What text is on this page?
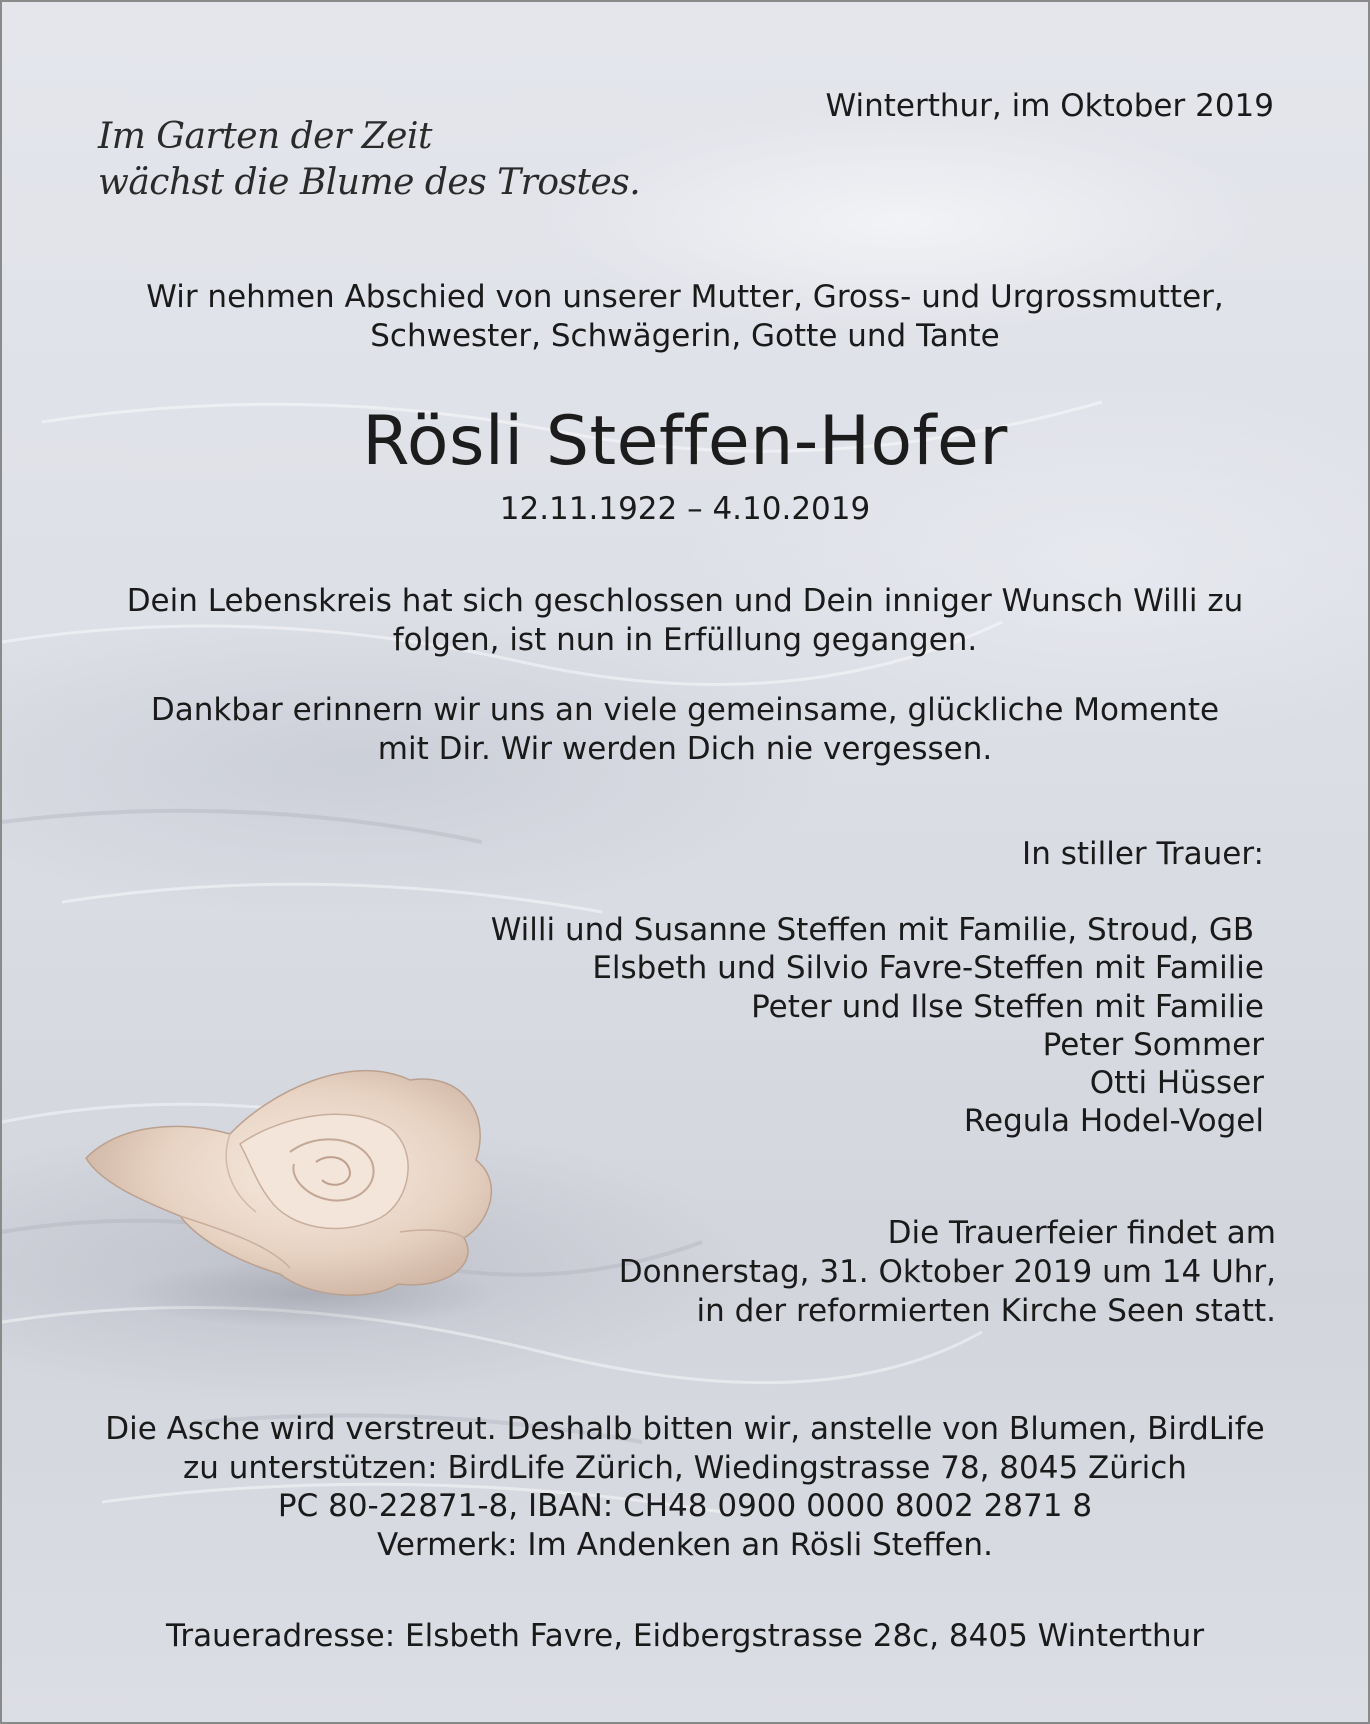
Winterthur, im Oktober 2019

Im Garten der Zeit
wächst die Blume des Trostes.
Wir nehmen Abschied von unserer Mutter, Gross- und Urgrossmutter,
Schwester, Schwägerin, Gotte und Tante
Rösli Steffen-Hofer

12.11.1922 – 4.10.2019

Dein Lebenskreis hat sich geschlossen und Dein inniger Wunsch Willi zu
folgen, ist nun in Erfüllung gegangen.
Dankbar erinnern wir uns an viele gemeinsame, glückliche Momente
mit Dir. Wir werden Dich nie vergessen.

In stiller Trauer:

Willi und Susanne Steffen mit Familie, Stroud, GB
Elsbeth und Silvio Favre-Steffen mit Familie
Peter und Ilse Steffen mit Familie
Peter Sommer
Otti Hüsser
Regula Hodel-Vogel
Die Trauerfeier findet am
Donnerstag, 31. Oktober 2019 um 14 Uhr,
in der reformierten Kirche Seen statt.
Die Asche wird verstreut. Deshalb bitten wir, anstelle von Blumen, BirdLife
zu unterstützen: BirdLife Zürich, Wiedingstrasse 78, 8045 Zürich
PC 80-22871-8, IBAN: CH48 0900 0000 8002 2871 8
Vermerk: Im Andenken an Rösli Steffen.

Traueradresse: Elsbeth Favre, Eidbergstrasse 28c, 8405 Winterthur
